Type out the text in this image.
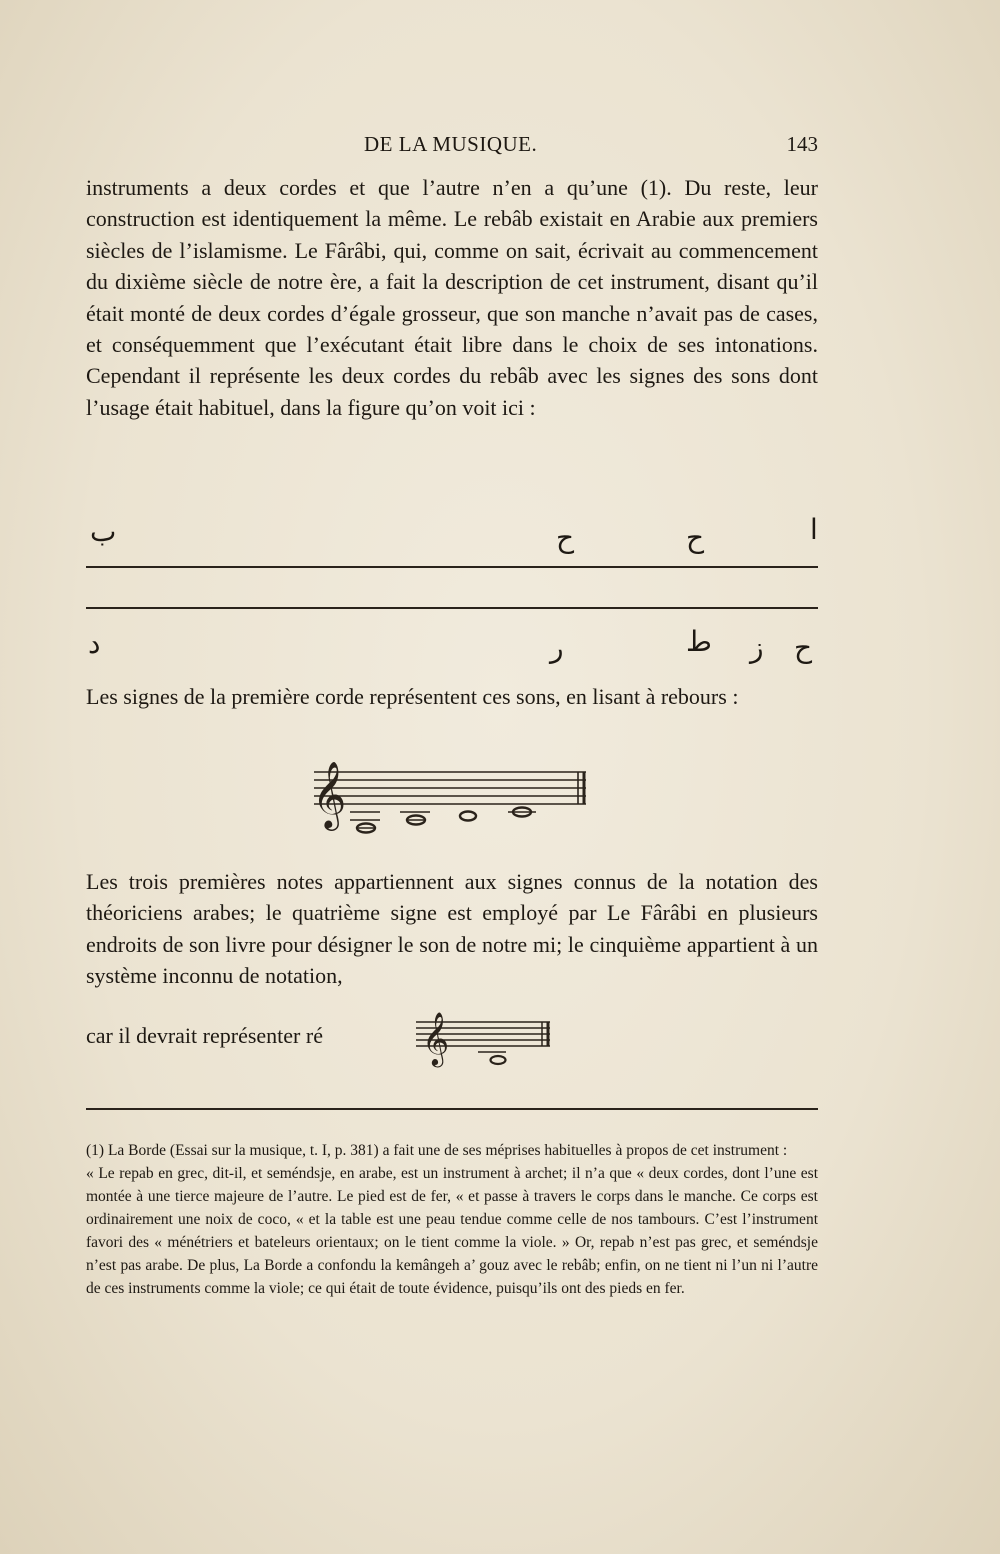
DE LA MUSIQUE.	143
instruments a deux cordes et que l’autre n’en a qu’une (1). Du reste, leur construction est identiquement la même. Le rebâb existait en Arabie aux premiers siècles de l’islamisme. Le Fârâbi, qui, comme on sait, écrivait au commencement du dixième siècle de notre ère, a fait la description de cet instrument, disant qu’il était monté de deux cordes d’égale grosseur, que son manche n’avait pas de cases, et conséquemment que l’exécutant était libre dans le choix de ses intonations. Cependant il représente les deux cordes du rebâb avec les signes des sons dont l’usage était habituel, dans la figure qu’on voit ici :
ب	ح	ح	ا
د	ر	ط ز ح
Les signes de la première corde représentent ces sons, en lisant à rebours :
𝄞
Les trois premières notes appartiennent aux signes connus de la notation des théoriciens arabes; le quatrième signe est employé par Le Fârâbi en plusieurs endroits de son livre pour désigner le son de notre mi; le cinquième appartient à un système inconnu de notation,
car il devrait représenter ré	𝄞
(1) La Borde (Essai sur la musique, t. I, p. 381) a fait une de ses méprises habituelles à propos de cet instrument :
« Le repab en grec, dit-il, et seméndsje, en arabe, est un instrument à archet; il n’a que « deux cordes, dont l’une est montée à une tierce majeure de l’autre. Le pied est de fer, « et passe à travers le corps dans le manche. Ce corps est ordinairement une noix de coco, « et la table est une peau tendue comme celle de nos tambours. C’est l’instrument favori des « ménétriers et bateleurs orientaux; on le tient comme la viole. » Or, repab n’est pas grec, et seméndsje n’est pas arabe. De plus, La Borde a confondu la kemângeh a’ gouz avec le rebâb; enfin, on ne tient ni l’un ni l’autre de ces instruments comme la viole; ce qui était de toute évidence, puisqu’ils ont des pieds en fer.
